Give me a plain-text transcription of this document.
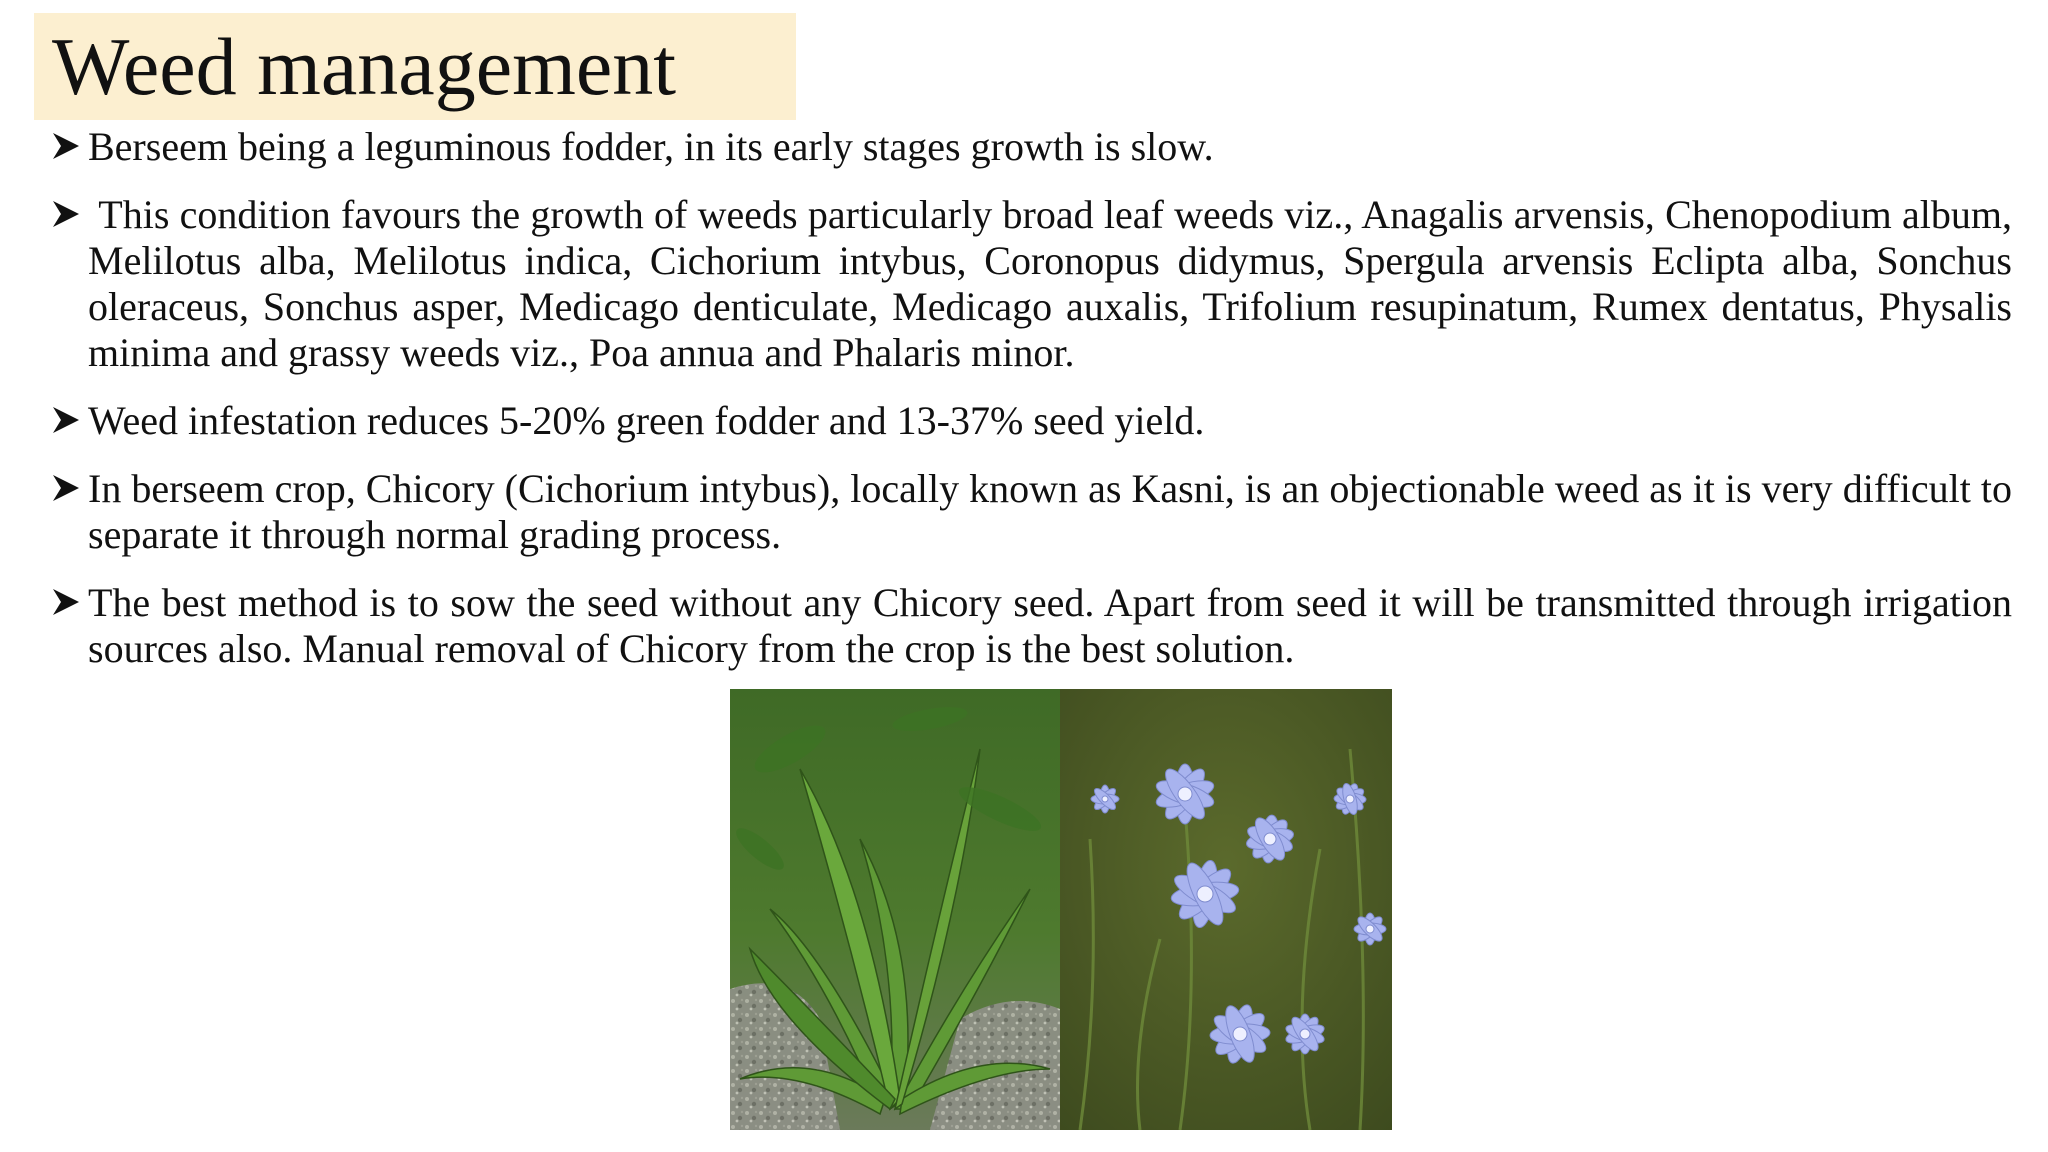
Weed management
Berseem being a leguminous fodder, in its early stages growth is slow.
This condition favours the growth of weeds particularly broad leaf weeds viz., Anagalis arvensis, Chenopodium album, Melilotus alba, Melilotus indica, Cichorium intybus, Coronopus didymus, Spergula arvensis Eclipta alba, Sonchus oleraceus, Sonchus asper, Medicago denticulate, Medicago auxalis, Trifolium resupinatum, Rumex dentatus, Physalis minima and grassy weeds viz., Poa annua and Phalaris minor.
Weed infestation reduces 5-20% green fodder and 13-37% seed yield.
In berseem crop, Chicory (Cichorium intybus), locally known as Kasni, is an objectionable weed as it is very difficult to separate it through normal grading process.
The best method is to sow the seed without any Chicory seed. Apart from seed it will be transmitted through irrigation sources also. Manual removal of Chicory from the crop is the best solution.
